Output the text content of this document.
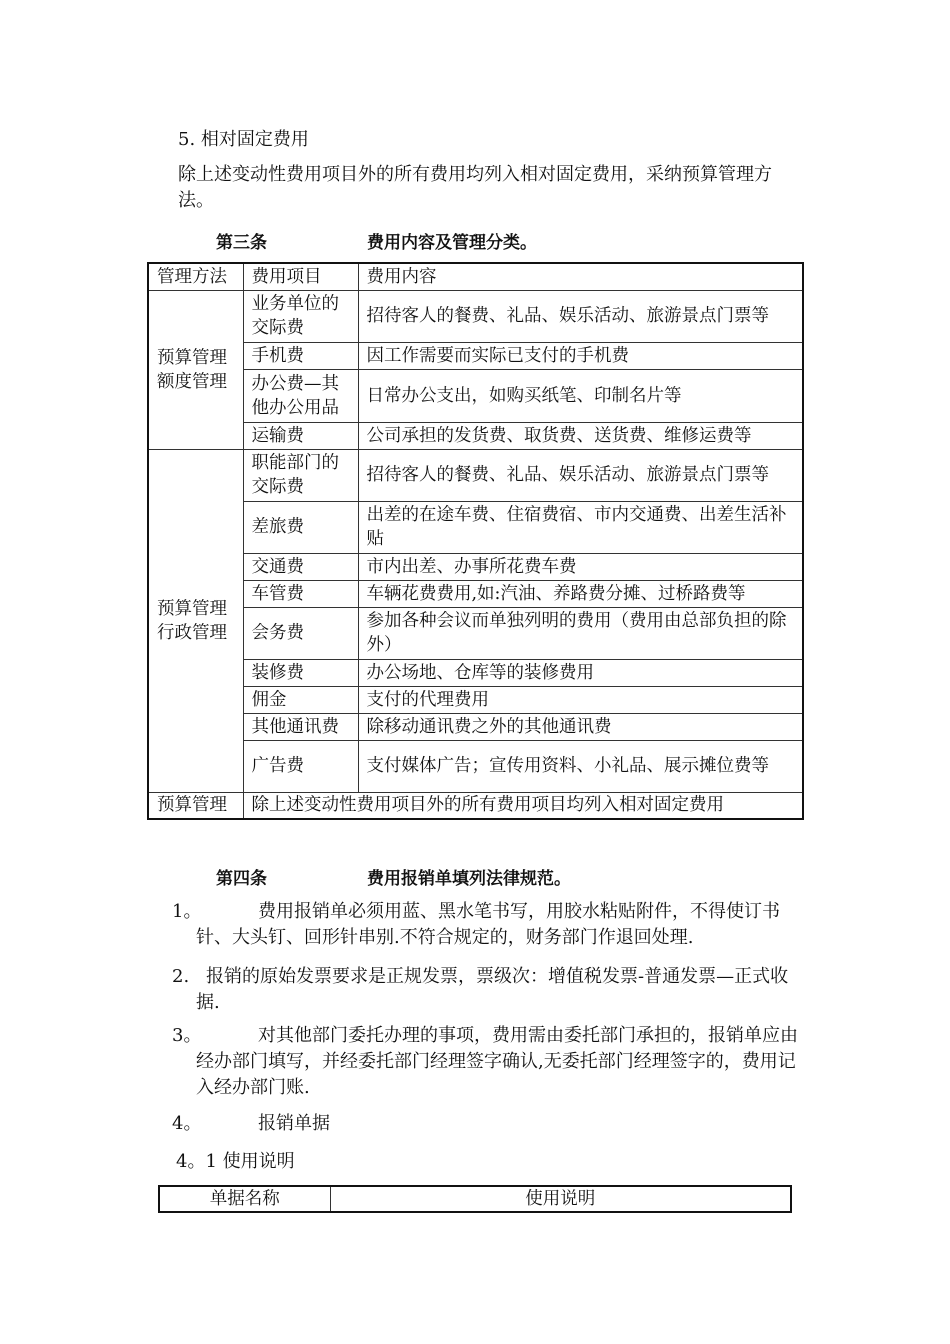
5. 相对固定费用
除上述变动性费用项目外的所有费用均列入相对固定费用，采纳预算管理方法。
第三条	费用内容及管理分类。
管理方法	费用项目	费用内容
预算管理额度管理	业务单位的交际费	招待客人的餐费、礼品、娱乐活动、旅游景点门票等
	手机费	因工作需要而实际已支付的手机费
	办公费—其他办公用品	日常办公支出，如购买纸笔、印制名片等
	运输费	公司承担的发货费、取货费、送货费、维修运费等
预算管理行政管理	职能部门的交际费	招待客人的餐费、礼品、娱乐活动、旅游景点门票等
	差旅费	出差的在途车费、住宿费宿、市内交通费、出差生活补贴
	交通费	市内出差、办事所花费车费
	车管费	车辆花费费用,如:汽油、养路费分摊、过桥路费等
	会务费	参加各种会议而单独列明的费用（费用由总部负担的除外）
	装修费	办公场地、仓库等的装修费用
	佣金	支付的代理费用
	其他通讯费	除移动通讯费之外的其他通讯费
	广告费	支付媒体广告；宣传用资料、小礼品、展示摊位费等
预算管理	除上述变动性费用项目外的所有费用项目均列入相对固定费用	
第四条	费用报销单填列法律规范。
1。	费用报销单必须用蓝、黑水笔书写，用胶水粘贴附件，不得使订书针、大头钉、回形针串别.不符合规定的，财务部门作退回处理.
2. 报销的原始发票要求是正规发票，票级次：增值税发票-普通发票—正式收据.
3。	对其他部门委托办理的事项，费用需由委托部门承担的，报销单应由经办部门填写，并经委托部门经理签字确认,无委托部门经理签字的，费用记入经办部门账.
4。	报销单据
4。1 使用说明
单据名称	使用说明
